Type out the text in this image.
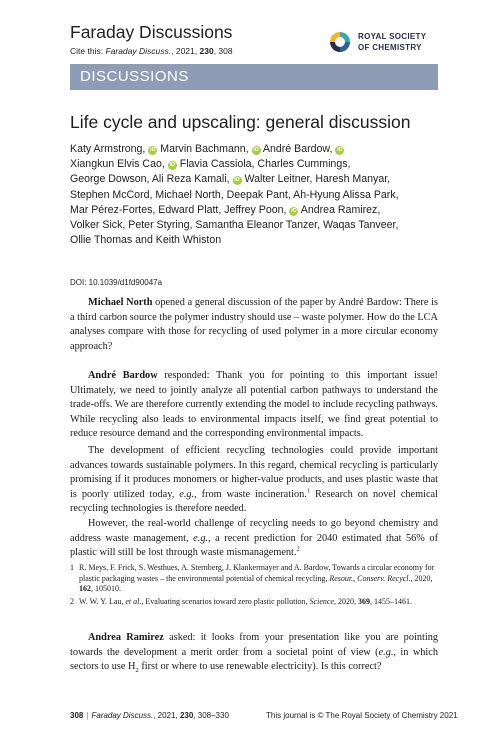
Faraday Discussions
Cite this: Faraday Discuss., 2021, 230, 308
ROYAL SOCIETY
OF CHEMISTRY
DISCUSSIONS
Life cycle and upscaling: general discussion
Katy Armstrong, iD Marvin Bachmann, iD André Bardow, iD
Xiangkun Elvis Cao, iD Flavia Cassiola, Charles Cummings,
George Dowson, Ali Reza Kamali, iD Walter Leitner, Haresh Manyar,
Stephen McCord, Michael North, Deepak Pant, Ah-Hyung Alissa Park,
Mar Pérez-Fortes, Edward Platt, Jeffrey Poon, iD Andrea Ramirez,
Volker Sick, Peter Styring, Samantha Eleanor Tanzer, Waqas Tanveer,
Ollie Thomas and Keith Whiston
DOI: 10.1039/d1fd90047a

Michael North opened a general discussion of the paper by André Bardow: There is a third carbon source the polymer industry should use – waste polymer. How do the LCA analyses compare with those for recycling of used polymer in a more circular economy approach?

André Bardow responded: Thank you for pointing to this important issue! Ultimately, we need to jointly analyze all potential carbon pathways to understand the trade-offs. We are therefore currently extending the model to include recycling pathways. While recycling also leads to environmental impacts itself, we find great potential to reduce resource demand and the corresponding environmental impacts.

The development of efficient recycling technologies could provide important advances towards sustainable polymers. In this regard, chemical recycling is particularly promising if it produces monomers or higher-value products, and uses plastic waste that is poorly utilized today, e.g., from waste incineration.$^1$ Research on novel chemical recycling technologies is therefore needed.

However, the real-world challenge of recycling needs to go beyond chemistry and address waste management, e.g., a recent prediction for 2040 estimated that 56% of plastic will still be lost through waste mismanagement.$^2$

1 R. Meys, F. Frick, S. Westhues, A. Sternberg, J. Klankermayer and A. Bardow, Towards a circular economy for plastic packaging wastes – the environmental potential of chemical recycling, Resour., Conserv. Recycl., 2020, 162, 105010.
2 W. W. Y. Lau, et al., Evaluating scenarios toward zero plastic pollution, Science, 2020, 369, 1455–1461.

Andrea Ramirez asked: it looks from your presentation like you are pointing towards the development a merit order from a societal point of view (e.g., in which sectors to use $H_2$ first or where to use renewable electricity). Is this correct?

308 | Faraday Discuss., 2021, 230, 308–330	This journal is © The Royal Society of Chemistry 2021
